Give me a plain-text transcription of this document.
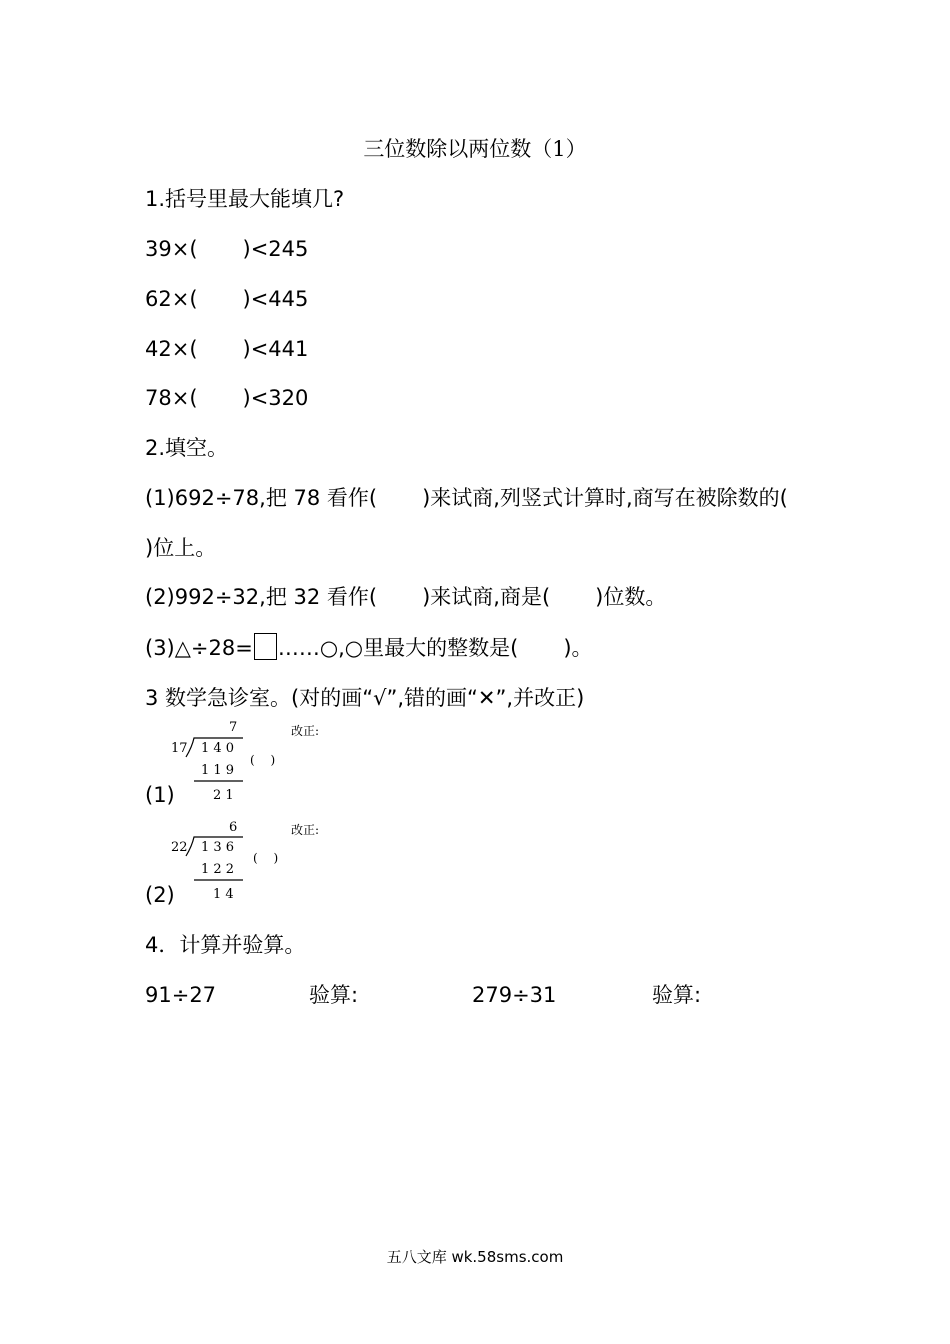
三位数除以两位数（1）
1.括号里最大能填几?
39×( )<245
62×( )<445
42×( )<441
78×( )<320
2.填空。
(1)692÷78,把 78 看作( )来试商,列竖式计算时,商写在被除数的(
)位上。
(2)992÷32,把 32 看作( )来试商,商是( )位数。
(3)△÷28= ……○,○里最大的整数是( )。
3 数学急诊室。(对的画“√”,错的画“✕”,并改正)
7
17 1 4 0
1 1 9
2 1
(　 )
改正:
(1)
6
22 1 3 6
1 2 2
1 4
(　 )
改正:
(2)
4．计算并验算。
91÷27	验算:	279÷31	验算:
五八文库 wk.58sms.com
